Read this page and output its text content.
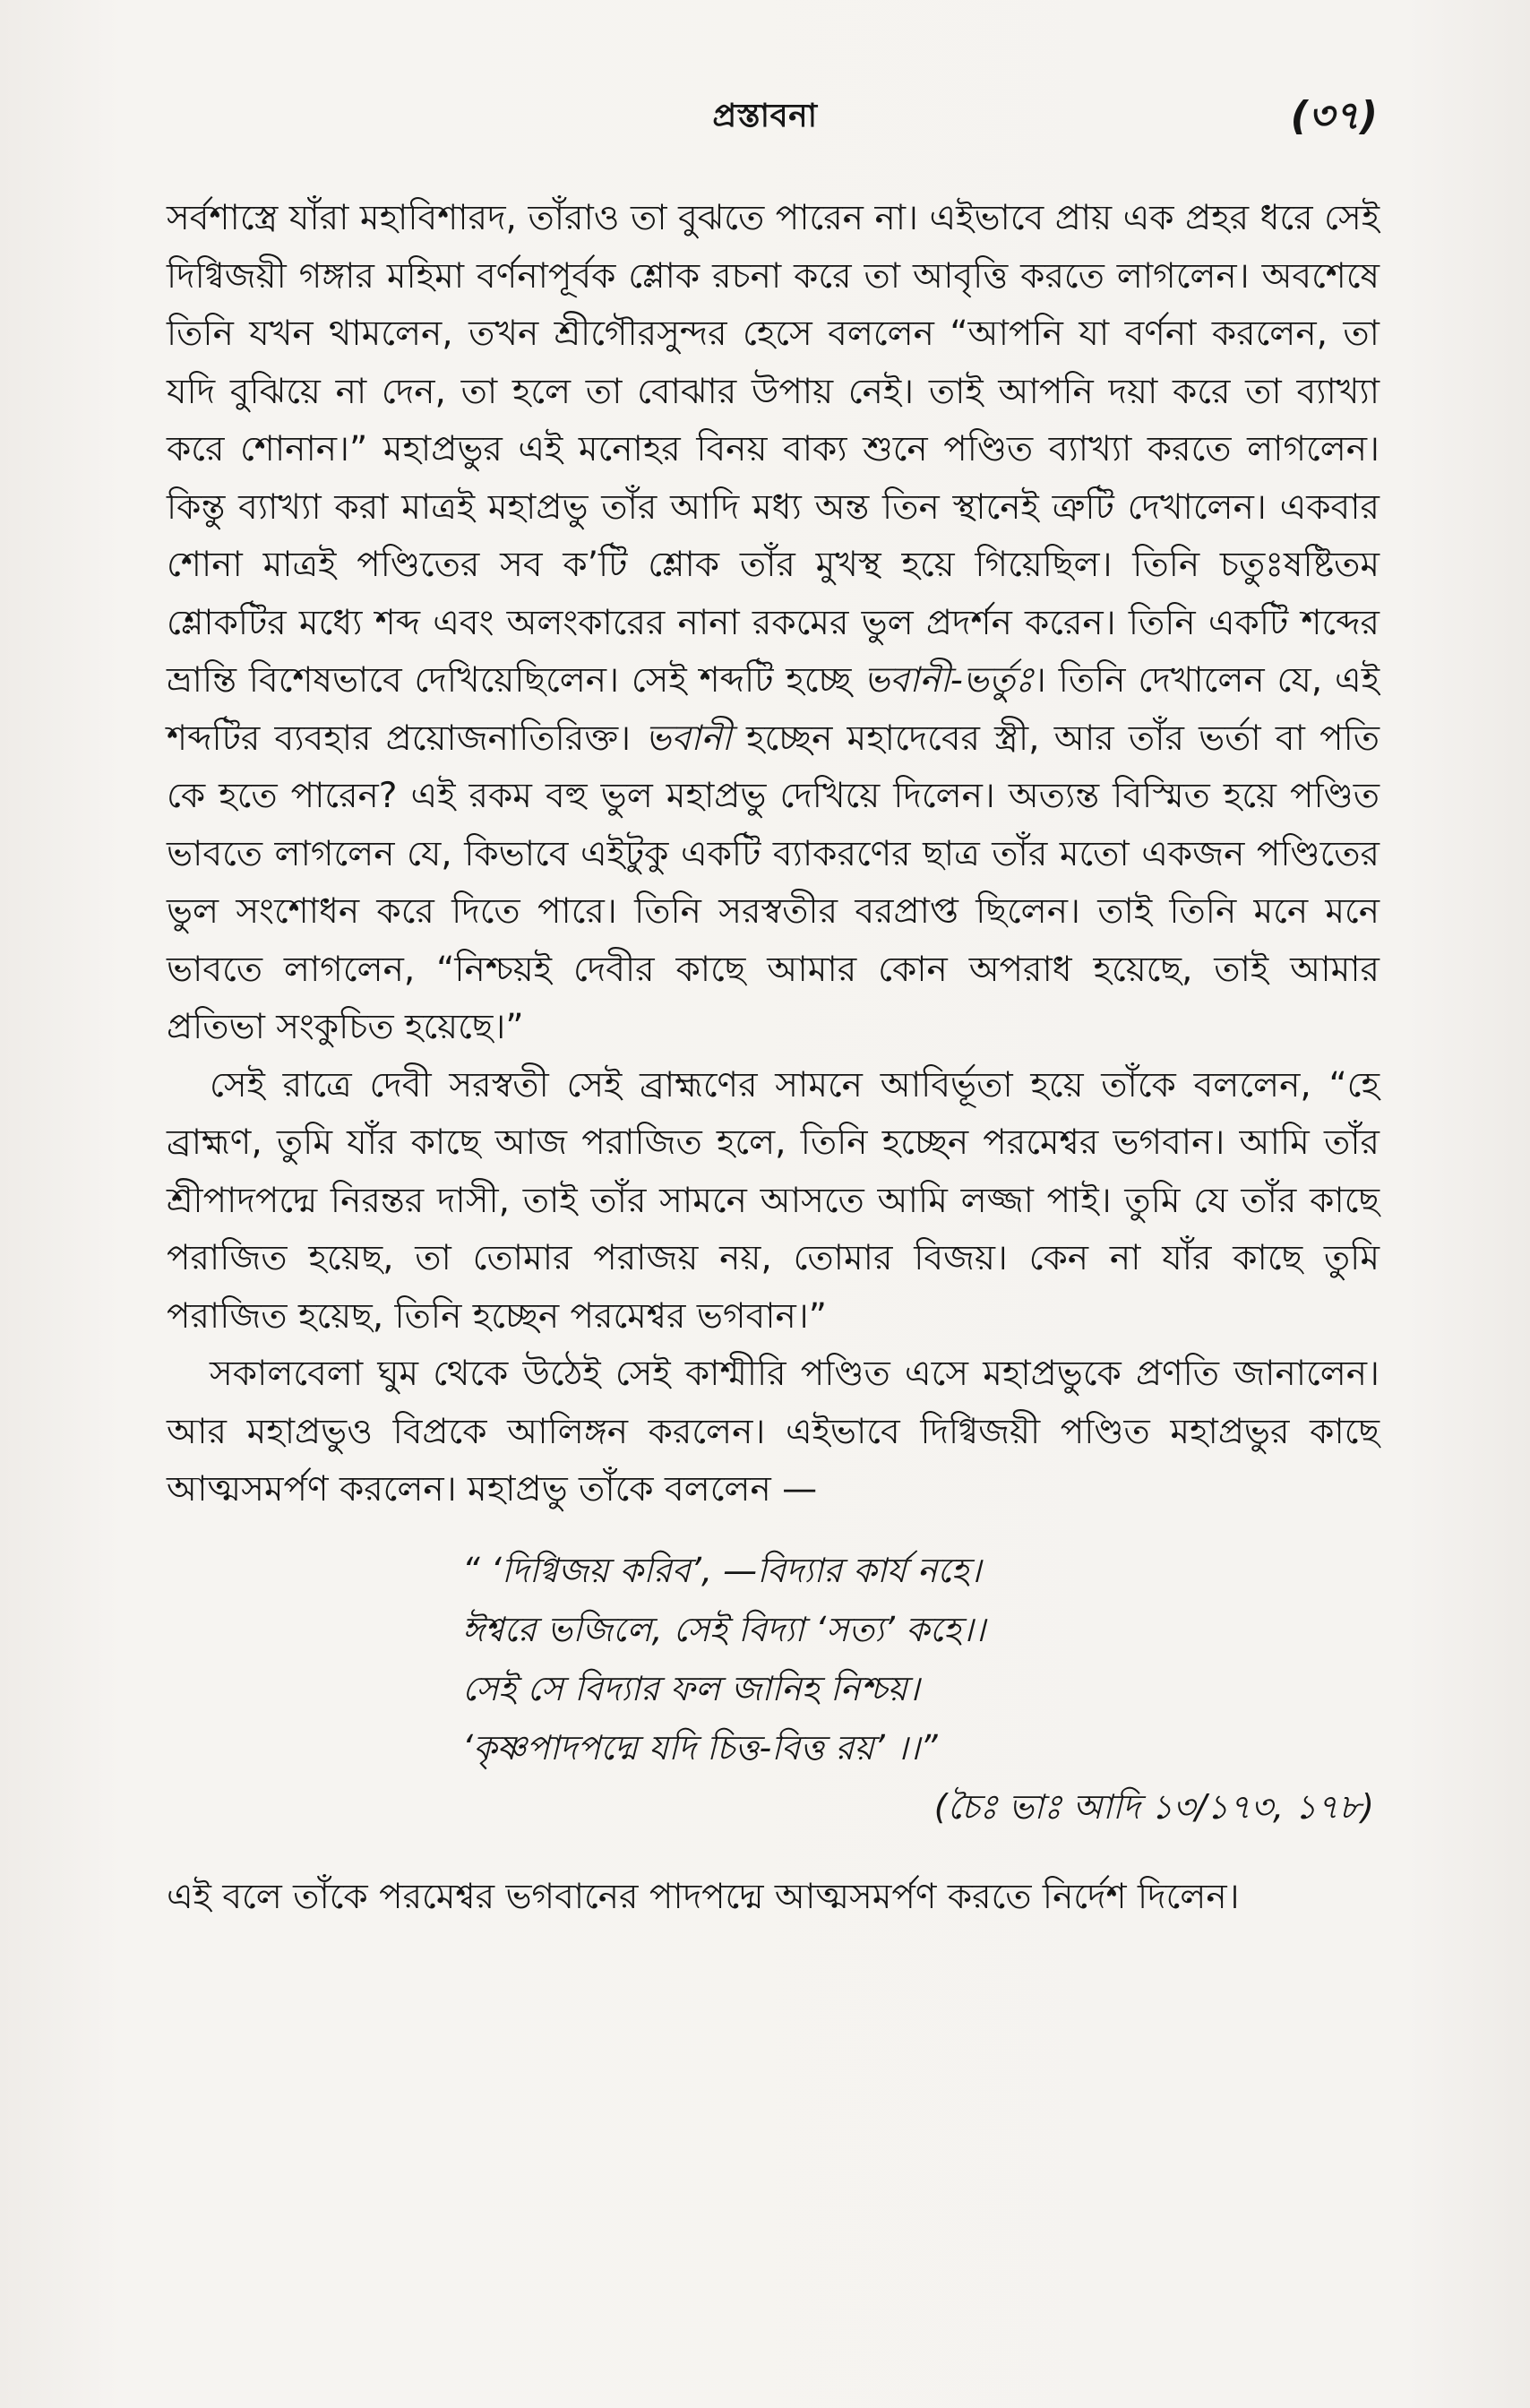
প্রস্তাবনা	(৩৭)

সর্বশাস্ত্রে যাঁরা মহাবিশারদ, তাঁরাও তা বুঝতে পারেন না। এইভাবে প্রায় এক প্রহর ধরে সেই দিগ্বিজয়ী গঙ্গার মহিমা বর্ণনাপূর্বক শ্লোক রচনা করে তা আবৃত্তি করতে লাগলেন। অবশেষে তিনি যখন থামলেন, তখন শ্রীগৌরসুন্দর হেসে বললেন “আপনি যা বর্ণনা করলেন, তা যদি বুঝিয়ে না দেন, তা হলে তা বোঝার উপায় নেই। তাই আপনি দয়া করে তা ব্যাখ্যা করে শোনান।” মহাপ্রভুর এই মনোহর বিনয় বাক্য শুনে পণ্ডিত ব্যাখ্যা করতে লাগলেন। কিন্তু ব্যাখ্যা করা মাত্রই মহাপ্রভু তাঁর আদি মধ্য অন্ত তিন স্থানেই ত্রুটি দেখালেন। একবার শোনা মাত্রই পণ্ডিতের সব ক’টি শ্লোক তাঁর মুখস্থ হয়ে গিয়েছিল। তিনি চতুঃষষ্টিতম শ্লোকটির মধ্যে শব্দ এবং অলংকারের নানা রকমের ভুল প্রদর্শন করেন। তিনি একটি শব্দের ভ্রান্তি বিশেষভাবে দেখিয়েছিলেন। সেই শব্দটি হচ্ছে ভবানী-ভর্তুঃ। তিনি দেখালেন যে, এই শব্দটির ব্যবহার প্রয়োজনাতিরিক্ত। ভবানী হচ্ছেন মহাদেবের স্ত্রী, আর তাঁর ভর্তা বা পতি কে হতে পারেন? এই রকম বহু ভুল মহাপ্রভু দেখিয়ে দিলেন। অত্যন্ত বিস্মিত হয়ে পণ্ডিত ভাবতে লাগলেন যে, কিভাবে এইটুকু একটি ব্যাকরণের ছাত্র তাঁর মতো একজন পণ্ডিতের ভুল সংশোধন করে দিতে পারে। তিনি সরস্বতীর বরপ্রাপ্ত ছিলেন। তাই তিনি মনে মনে ভাবতে লাগলেন, “নিশ্চয়ই দেবীর কাছে আমার কোন অপরাধ হয়েছে, তাই আমার প্রতিভা সংকুচিত হয়েছে।”

সেই রাত্রে দেবী সরস্বতী সেই ব্রাহ্মণের সামনে আবির্ভূতা হয়ে তাঁকে বললেন, “হে ব্রাহ্মণ, তুমি যাঁর কাছে আজ পরাজিত হলে, তিনি হচ্ছেন পরমেশ্বর ভগবান। আমি তাঁর শ্রীপাদপদ্মে নিরন্তর দাসী, তাই তাঁর সামনে আসতে আমি লজ্জা পাই। তুমি যে তাঁর কাছে পরাজিত হয়েছ, তা তোমার পরাজয় নয়, তোমার বিজয়। কেন না যাঁর কাছে তুমি পরাজিত হয়েছ, তিনি হচ্ছেন পরমেশ্বর ভগবান।”

সকালবেলা ঘুম থেকে উঠেই সেই কাশ্মীরি পণ্ডিত এসে মহাপ্রভুকে প্রণতি জানালেন। আর মহাপ্রভুও বিপ্রকে আলিঙ্গন করলেন। এইভাবে দিগ্বিজয়ী পণ্ডিত মহাপ্রভুর কাছে আত্মসমর্পণ করলেন। মহাপ্রভু তাঁকে বললেন —

“ ‘দিগ্বিজয় করিব’, —বিদ্যার কার্য নহে।
ঈশ্বরে ভজিলে, সেই বিদ্যা ‘সত্য’ কহে।।
সেই সে বিদ্যার ফল জানিহ নিশ্চয়।
‘কৃষ্ণপাদপদ্মে যদি চিত্ত-বিত্ত রয়’ ।।”
(চৈঃ ভাঃ আদি ১৩/১৭৩, ১৭৮)

এই বলে তাঁকে পরমেশ্বর ভগবানের পাদপদ্মে আত্মসমর্পণ করতে নির্দেশ দিলেন।
